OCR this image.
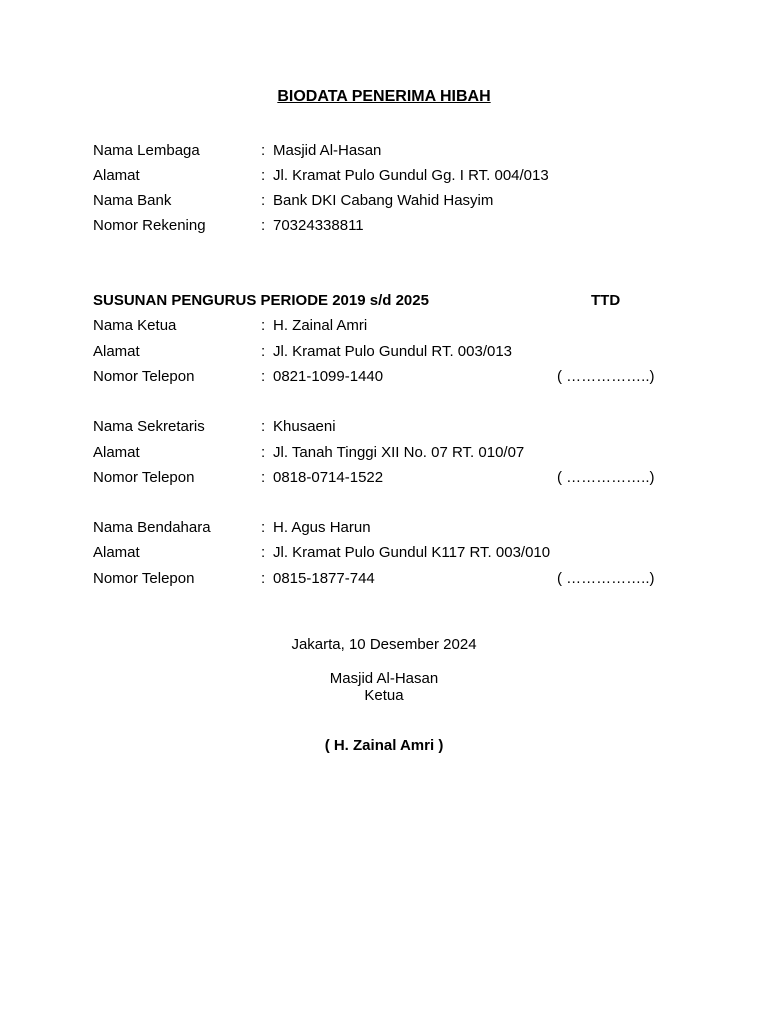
BIODATA PENERIMA HIBAH
Nama Lembaga	: Masjid Al-Hasan
Alamat	: Jl. Kramat Pulo Gundul Gg. I RT. 004/013
Nama Bank	: Bank DKI Cabang Wahid Hasyim
Nomor Rekening	: 70324338811
SUSUNAN PENGURUS PERIODE 2019 s/d 2025	TTD
Nama Ketua	: H. Zainal Amri
Alamat	: Jl. Kramat Pulo Gundul RT. 003/013
Nomor Telepon	: 0821-1099-1440	( ……………..)
Nama Sekretaris	: Khusaeni
Alamat	: Jl. Tanah Tinggi XII No. 07 RT. 010/07
Nomor Telepon	: 0818-0714-1522	( ……………..)
Nama Bendahara	: H. Agus Harun
Alamat	: Jl. Kramat Pulo Gundul K117 RT. 003/010
Nomor Telepon	: 0815-1877-744	( ……………..)
Jakarta, 10 Desember 2024
Masjid Al-Hasan
Ketua
( H. Zainal Amri )
